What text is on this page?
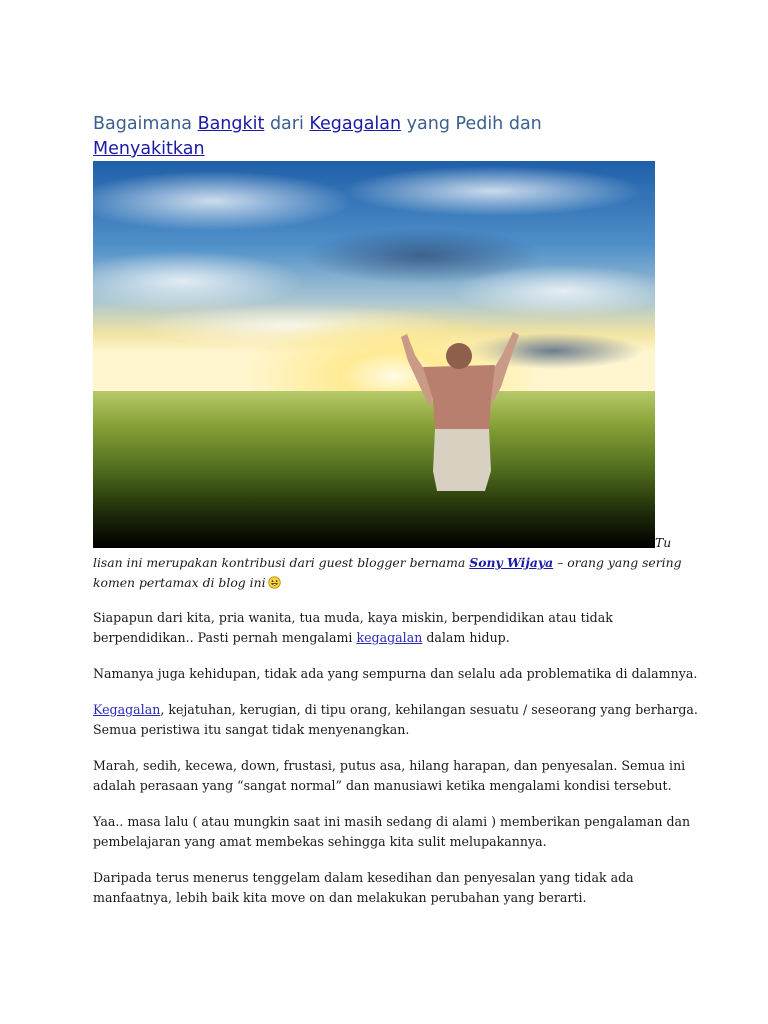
Bagaimana Bangkit dari Kegagalan yang Pedih dan
Menyakitkan
Tu
lisan ini merupakan kontribusi dari guest blogger bernama Sony Wijaya – orang yang sering
komen pertamax di blog ini

Siapapun dari kita, pria wanita, tua muda, kaya miskin, berpendidikan atau tidak
berpendidikan.. Pasti pernah mengalami kegagalan dalam hidup.

Namanya juga kehidupan, tidak ada yang sempurna dan selalu ada problematika di dalamnya.

Kegagalan, kejatuhan, kerugian, di tipu orang, kehilangan sesuatu / seseorang yang berharga.
Semua peristiwa itu sangat tidak menyenangkan.

Marah, sedih, kecewa, down, frustasi, putus asa, hilang harapan, dan penyesalan. Semua ini
adalah perasaan yang “sangat normal” dan manusiawi ketika mengalami kondisi tersebut.

Yaa.. masa lalu ( atau mungkin saat ini masih sedang di alami ) memberikan pengalaman dan
pembelajaran yang amat membekas sehingga kita sulit melupakannya.

Daripada terus menerus tenggelam dalam kesedihan dan penyesalan yang tidak ada
manfaatnya, lebih baik kita move on dan melakukan perubahan yang berarti.
